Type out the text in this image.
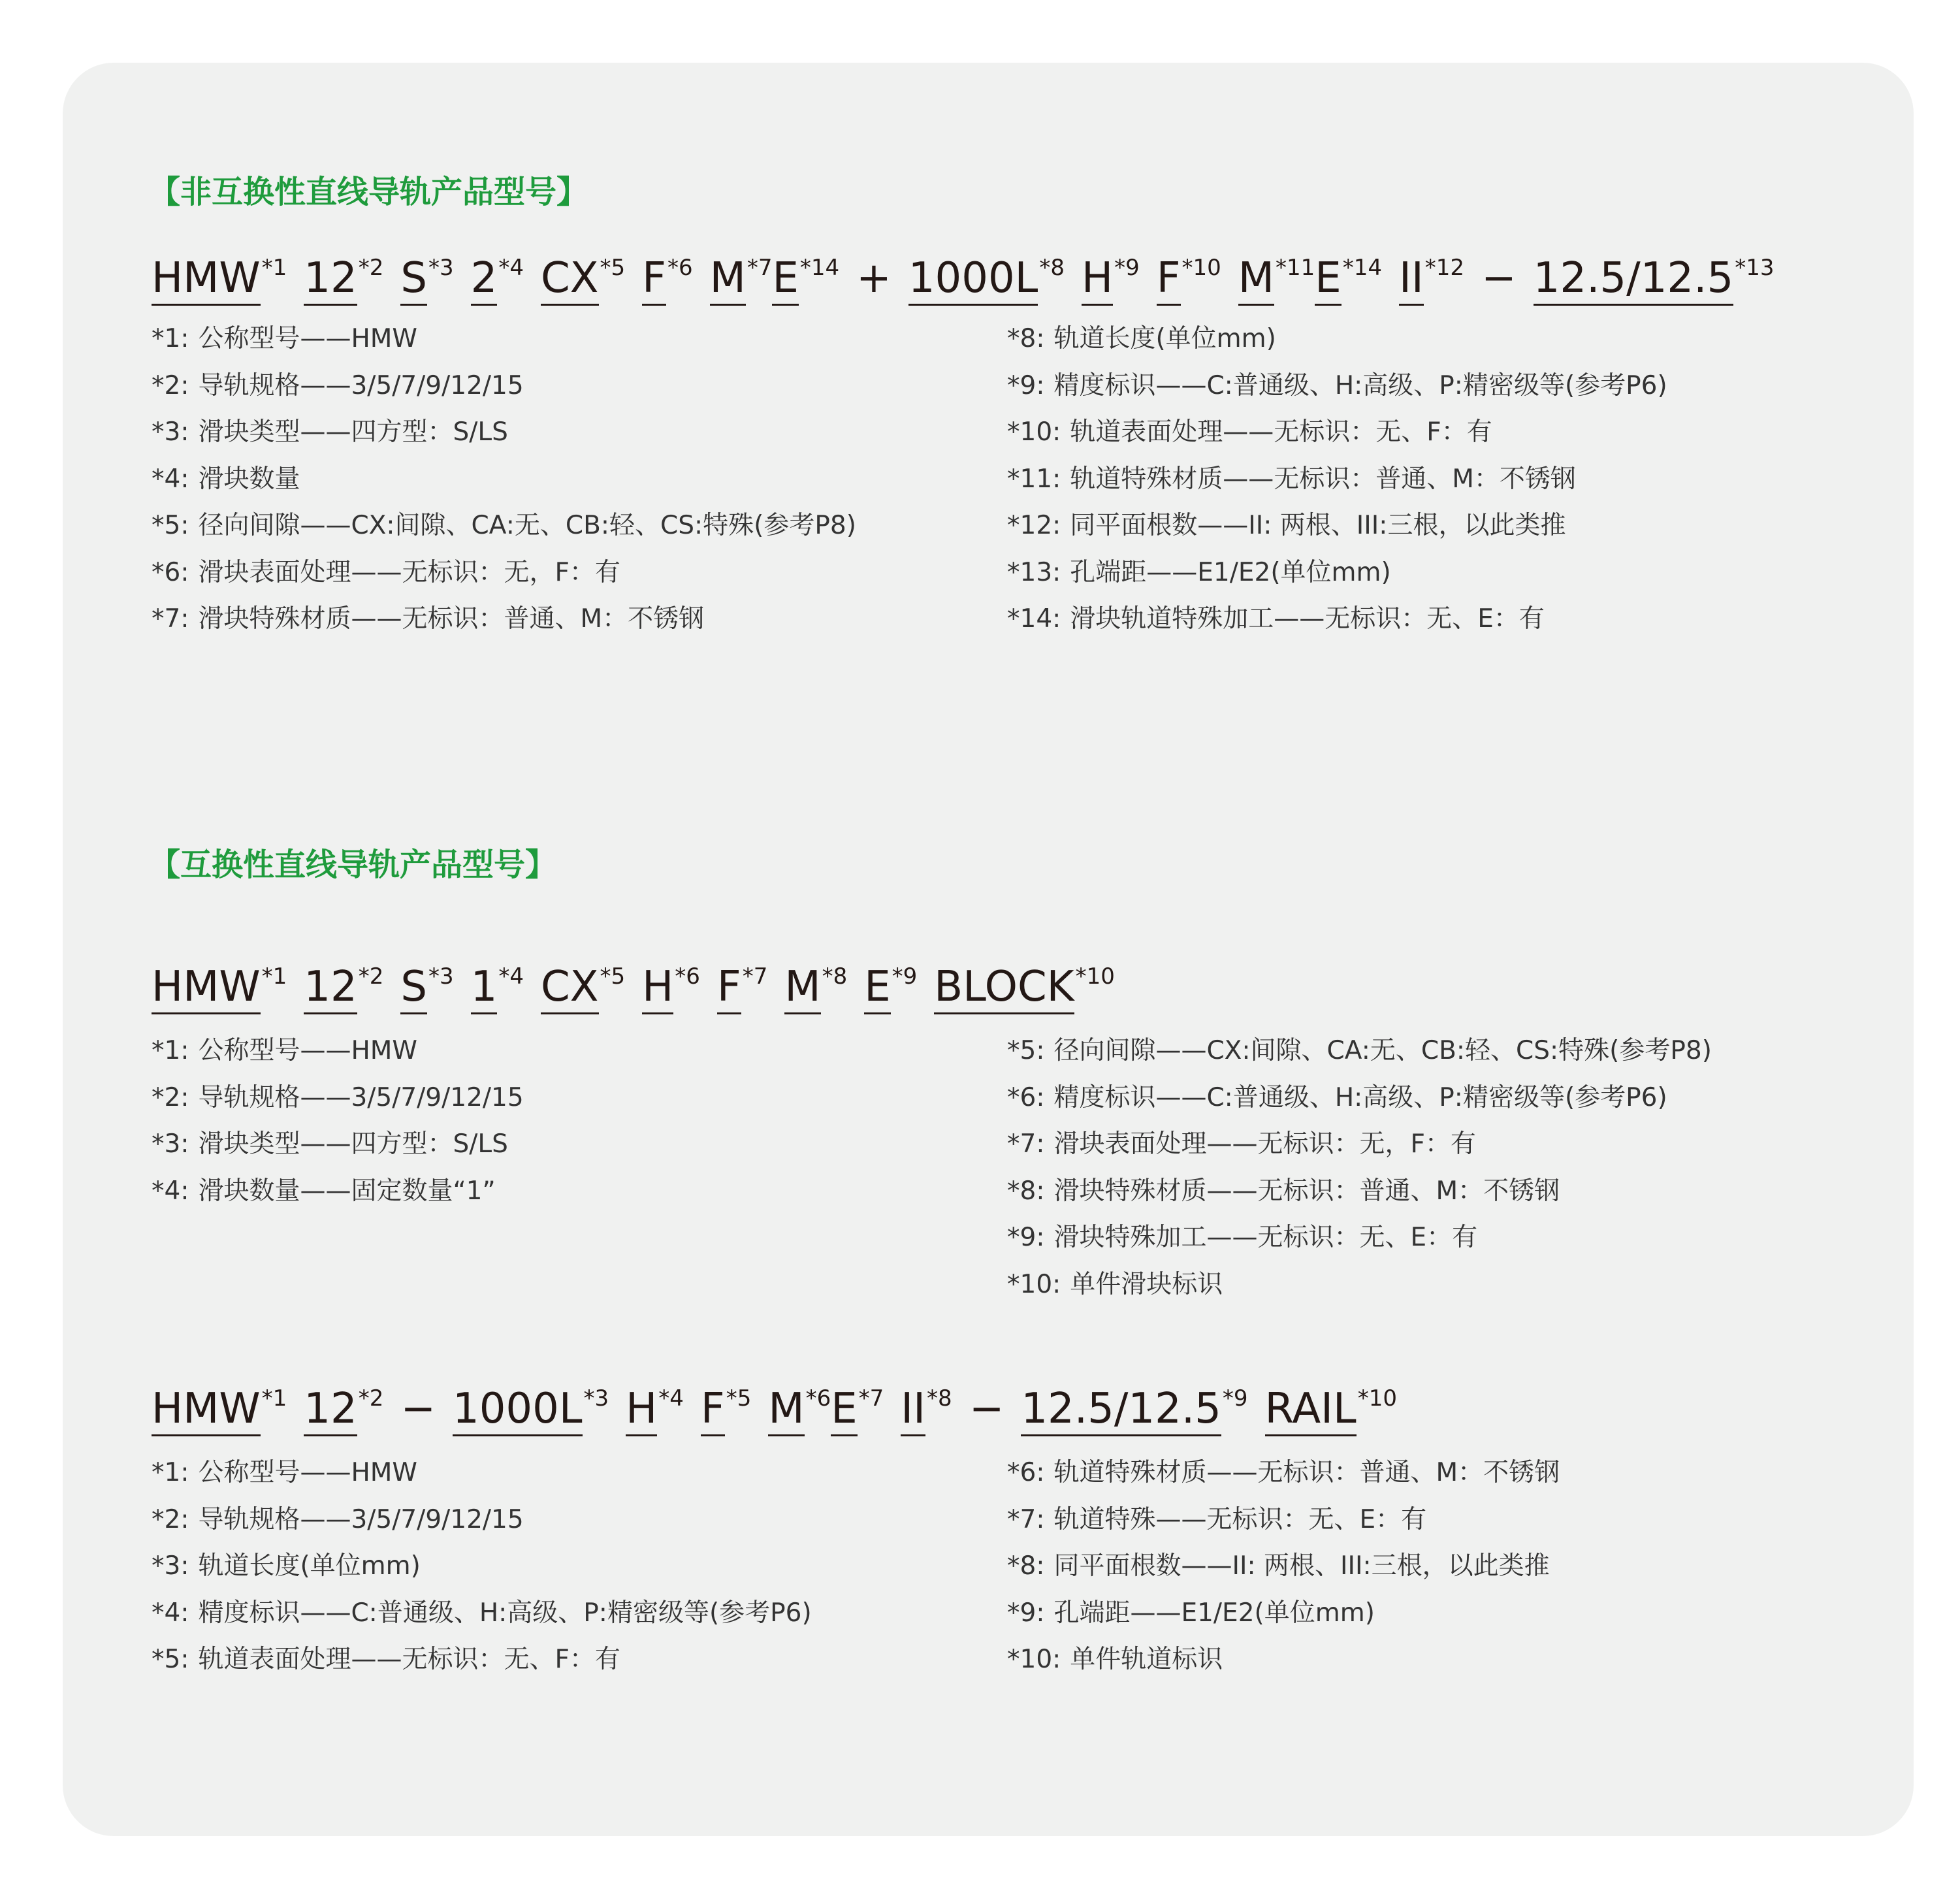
【非互换性直线导轨产品型号】
HMW$^{*1}$ 12$^{*2}$ $S^{*3}$ 2$^{*4}$ CX$^{*5}$ $F^{*6}$ $M^{*7}E^{*14} + 1000L^{*8}$ $H^{*9}$ $F^{*10}$ $M^{*11}E^{*14}$ $II^{*12} - 12.5/12.5^{*13}$
*1: 公称型号——HMW
*2: 导轨规格——3/5/7/9/12/15
*3: 滑块类型——四方型：S/LS
*4: 滑块数量
*5: 径向间隙——CX:间隙、CA:无、CB:轻、CS:特殊(参考P8)
*6: 滑块表面处理——无标识：无，F：有
*7: 滑块特殊材质——无标识：普通、M：不锈钢
*8: 轨道长度(单位mm)
*9: 精度标识——C:普通级、H:高级、P:精密级等(参考P6)
*10: 轨道表面处理——无标识：无、F：有
*11: 轨道特殊材质——无标识：普通、M：不锈钢
*12: 同平面根数——II: 两根、III:三根，以此类推
*13: 孔端距——E1/E2(单位mm)
*14: 滑块轨道特殊加工——无标识：无、E：有
【互换性直线导轨产品型号】
HMW$^{*1}$ 12$^{*2}$ $S^{*3}$ 1$^{*4}$ CX$^{*5}$ $H^{*6}$ $F^{*7}$ $M^{*8}$ $E^{*9}$ BLOCK$^{*10}$
*1: 公称型号——HMW
*2: 导轨规格——3/5/7/9/12/15
*3: 滑块类型——四方型：S/LS
*4: 滑块数量——固定数量“1”
*5: 径向间隙——CX:间隙、CA:无、CB:轻、CS:特殊(参考P8)
*6: 精度标识——C:普通级、H:高级、P:精密级等(参考P6)
*7: 滑块表面处理——无标识：无，F：有
*8: 滑块特殊材质——无标识：普通、M：不锈钢
*9: 滑块特殊加工——无标识：无、E：有
*10: 单件滑块标识
HMW$^{*1}$ $12^{*2} - 1000L^{*3}$ $H^{*4}$ $F^{*5}$ $M^{*6}E^{*7}$ $II^{*8} - 12.5/12.5^{*9}$ RAIL$^{*10}$
*1: 公称型号——HMW
*2: 导轨规格——3/5/7/9/12/15
*3: 轨道长度(单位mm)
*4: 精度标识——C:普通级、H:高级、P:精密级等(参考P6)
*5: 轨道表面处理——无标识：无、F：有
*6: 轨道特殊材质——无标识：普通、M：不锈钢
*7: 轨道特殊——无标识：无、E：有
*8: 同平面根数——II: 两根、III:三根，以此类推
*9: 孔端距——E1/E2(单位mm)
*10: 单件轨道标识
